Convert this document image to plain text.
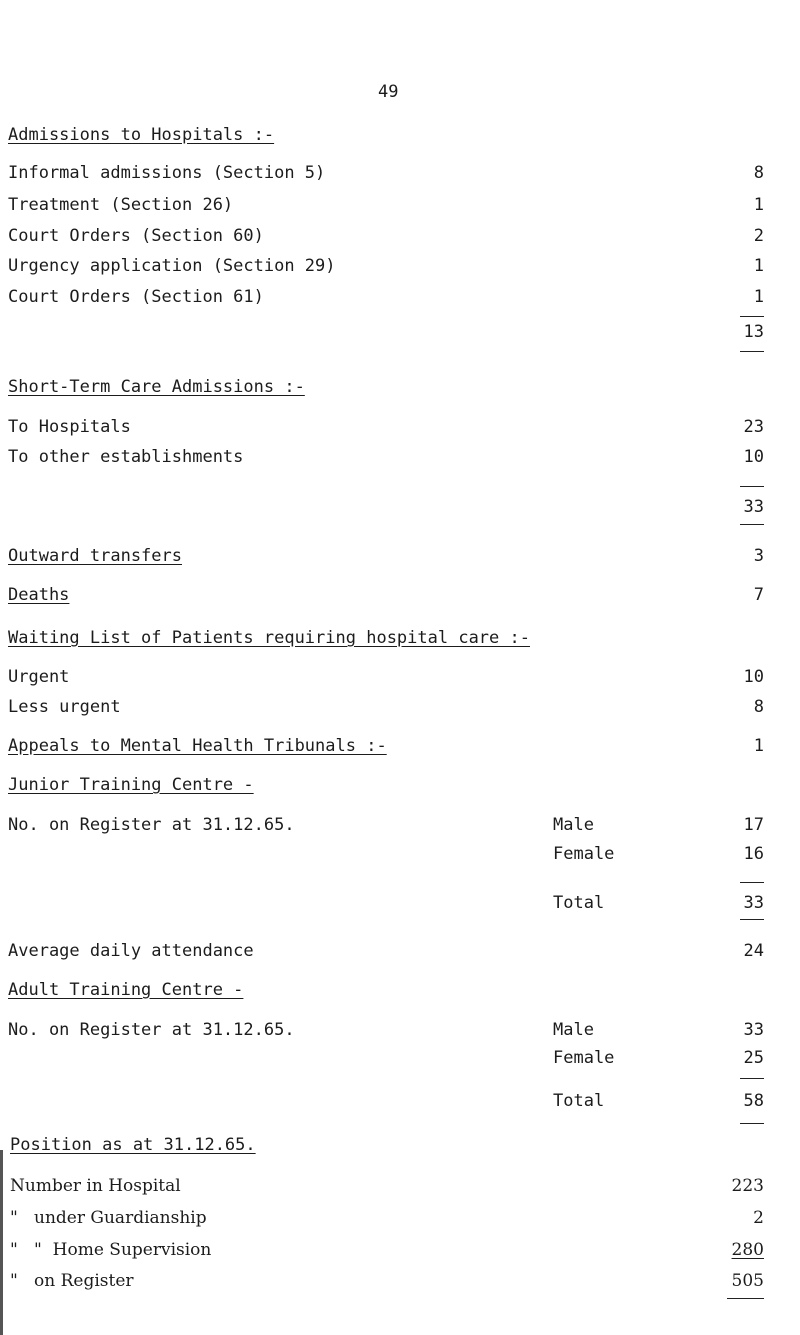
49
Admissions to Hospitals :-
Informal admissions (Section 5)	8
Treatment (Section 26)	1
Court Orders (Section 60)	2
Urgency application (Section 29)	1
Court Orders (Section 61)	1
13
Short-Term Care Admissions :-
To Hospitals	23
To other establishments	10
33
Outward transfers	3
Deaths	7
Waiting List of Patients requiring hospital care :-
Urgent	10
Less urgent	8
Appeals to Mental Health Tribunals :-	1
Junior Training Centre -
No. on Register at 31.12.65.	Male	17
Female	16
Total	33
Average daily attendance	24
Adult Training Centre -
No. on Register at 31.12.65.	Male	33
Female	25
Total	58
Position as at 31.12.65.
Number in Hospital	223
"   under Guardianship	2
"   "  Home Supervision	280
"   on Register	505
